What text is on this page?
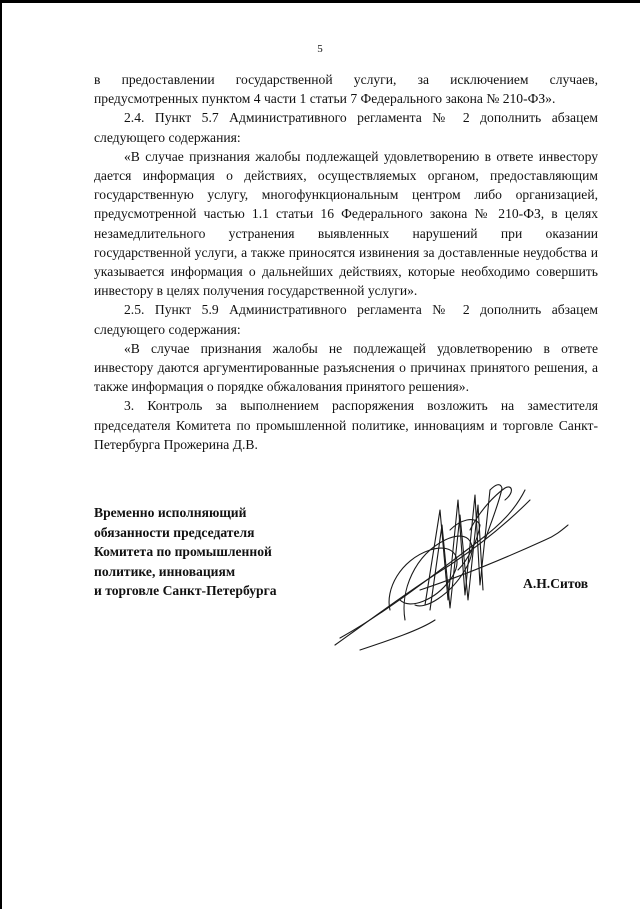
5

в предоставлении государственной услуги, за исключением случаев, предусмотренных пунктом 4 части 1 статьи 7 Федерального закона № 210-ФЗ».

2.4. Пункт 5.7 Административного регламента № 2 дополнить абзацем следующего содержания:

«В случае признания жалобы подлежащей удовлетворению в ответе инвестору дается информация о действиях, осуществляемых органом, предоставляющим государственную услугу, многофункциональным центром либо организацией, предусмотренной частью 1.1 статьи 16 Федерального закона № 210-ФЗ, в целях незамедлительного устранения выявленных нарушений при оказании государственной услуги, а также приносятся извинения за доставленные неудобства и указывается информация о дальнейших действиях, которые необходимо совершить инвестору в целях получения государственной услуги».

2.5. Пункт 5.9 Административного регламента № 2 дополнить абзацем следующего содержания:

«В случае признания жалобы не подлежащей удовлетворению в ответе инвестору даются аргументированные разъяснения о причинах принятого решения, а также информация о порядке обжалования принятого решения».

3. Контроль за выполнением распоряжения возложить на заместителя председателя Комитета по промышленной политике, инновациям и торговле Санкт-Петербурга Прожерина Д.В.

Временно исполняющий
обязанности председателя
Комитета по промышленной
политике, инновациям
и торговле Санкт-Петербурга	А.Н.Ситов
